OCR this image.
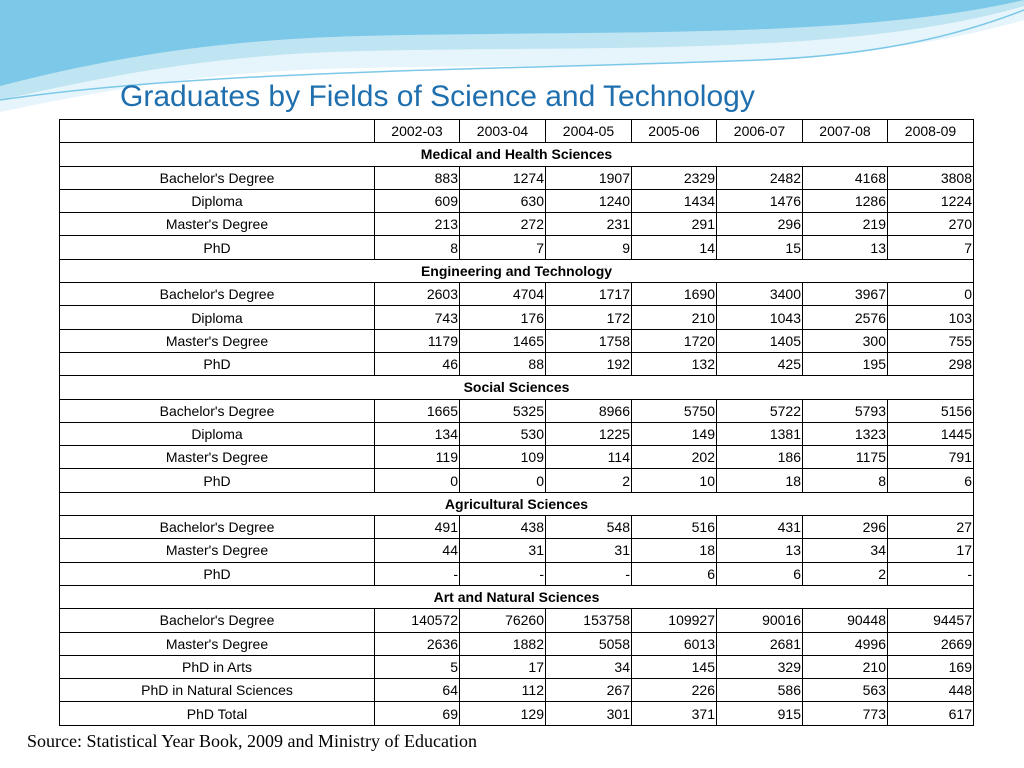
Graduates by Fields of Science and Technology
	2002-03	2003-04	2004-05	2005-06	2006-07	2007-08	2008-09
Medical and Health Sciences							
Bachelor's Degree	883	1274	1907	2329	2482	4168	3808
Diploma	609	630	1240	1434	1476	1286	1224
Master's Degree	213	272	231	291	296	219	270
PhD	8	7	9	14	15	13	7
Engineering and Technology							
Bachelor's Degree	2603	4704	1717	1690	3400	3967	0
Diploma	743	176	172	210	1043	2576	103
Master's Degree	1179	1465	1758	1720	1405	300	755
PhD	46	88	192	132	425	195	298
Social Sciences							
Bachelor's Degree	1665	5325	8966	5750	5722	5793	5156
Diploma	134	530	1225	149	1381	1323	1445
Master's Degree	119	109	114	202	186	1175	791
PhD	0	0	2	10	18	8	6
Agricultural Sciences							
Bachelor's Degree	491	438	548	516	431	296	27
Master's Degree	44	31	31	18	13	34	17
PhD	-	-	-	6	6	2	-
Art and Natural Sciences							
Bachelor's Degree	140572	76260	153758	109927	90016	90448	94457
Master's Degree	2636	1882	5058	6013	2681	4996	2669
PhD in Arts	5	17	34	145	329	210	169
PhD in Natural Sciences	64	112	267	226	586	563	448
PhD Total	69	129	301	371	915	773	617
Source: Statistical Year Book, 2009 and Ministry of Education
